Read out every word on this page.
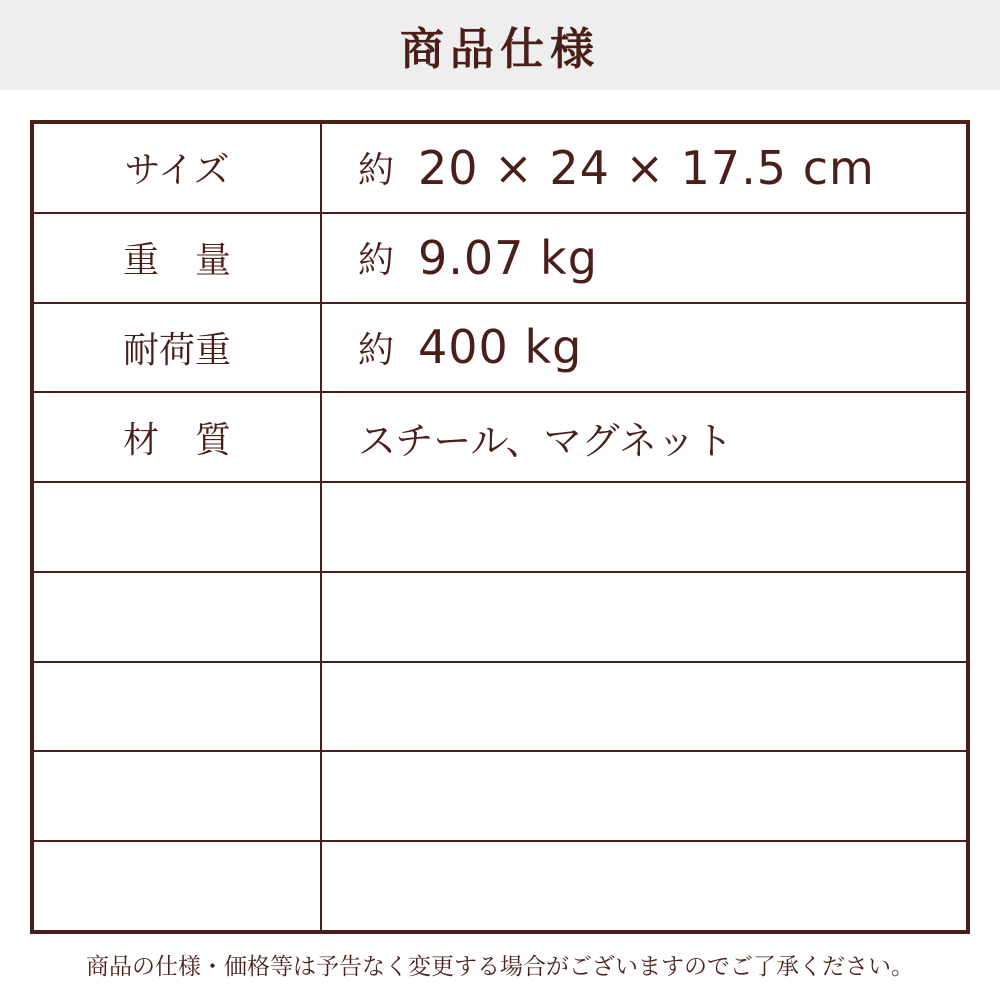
商品仕様
サイズ	約 20 × 24 × 17.5 cm
重　量	約 9.07 kg
耐荷重	約 400 kg
材　質	スチール、マグネット
商品の仕様・価格等は予告なく変更する場合がございますのでご了承ください。
